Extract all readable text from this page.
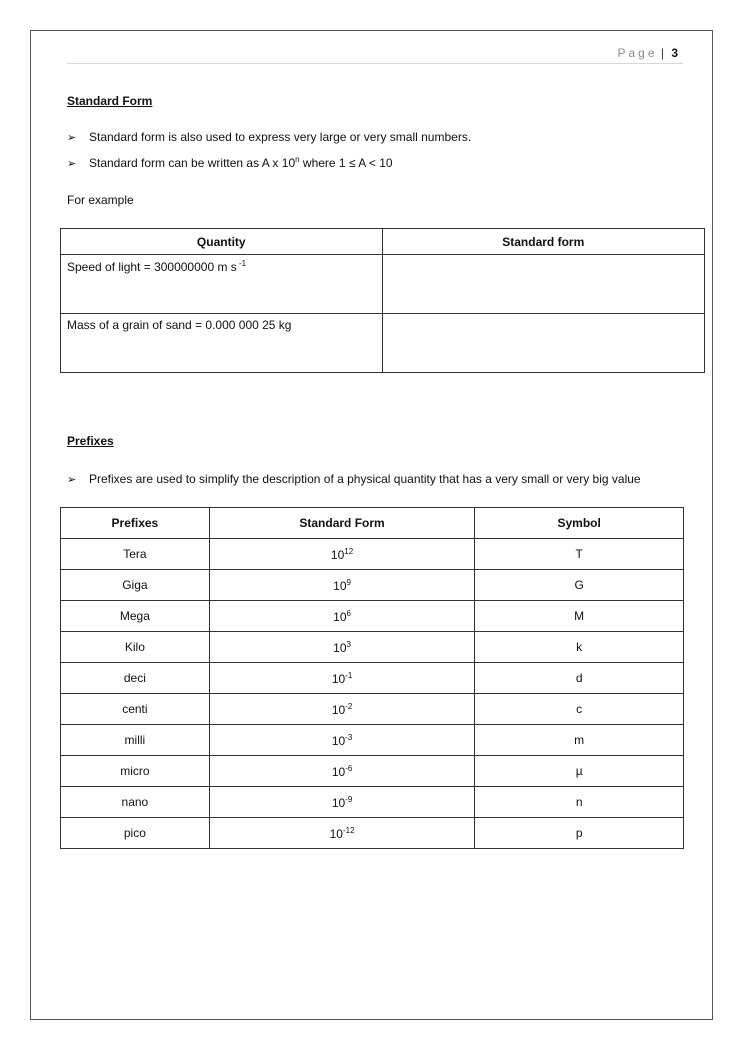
Page | 3
Standard Form
➢	Standard form is also used to express very large or very small numbers.
➢	Standard form can be written as A x 10$^n$ where 1 ≤ A < 10
For example
Quantity	Standard form
Speed of light = 300000000 m s $^{-1}$	
Mass of a grain of sand = 0.000 000 25 kg	
Prefixes
➢	Prefixes are used to simplify the description of a physical quantity that has a very small or very big value
Prefixes	Standard Form	Symbol
Tera	$10^{12}$	T
Giga	$10^9$	G
Mega	$10^6$	M
Kilo	$10^3$	k
deci	$10^{-1}$	d
centi	$10^{-2}$	c
milli	$10^{-3}$	m
micro	$10^{-6}$	µ
nano	$10^{-9}$	n
pico	$10^{-12}$	p
